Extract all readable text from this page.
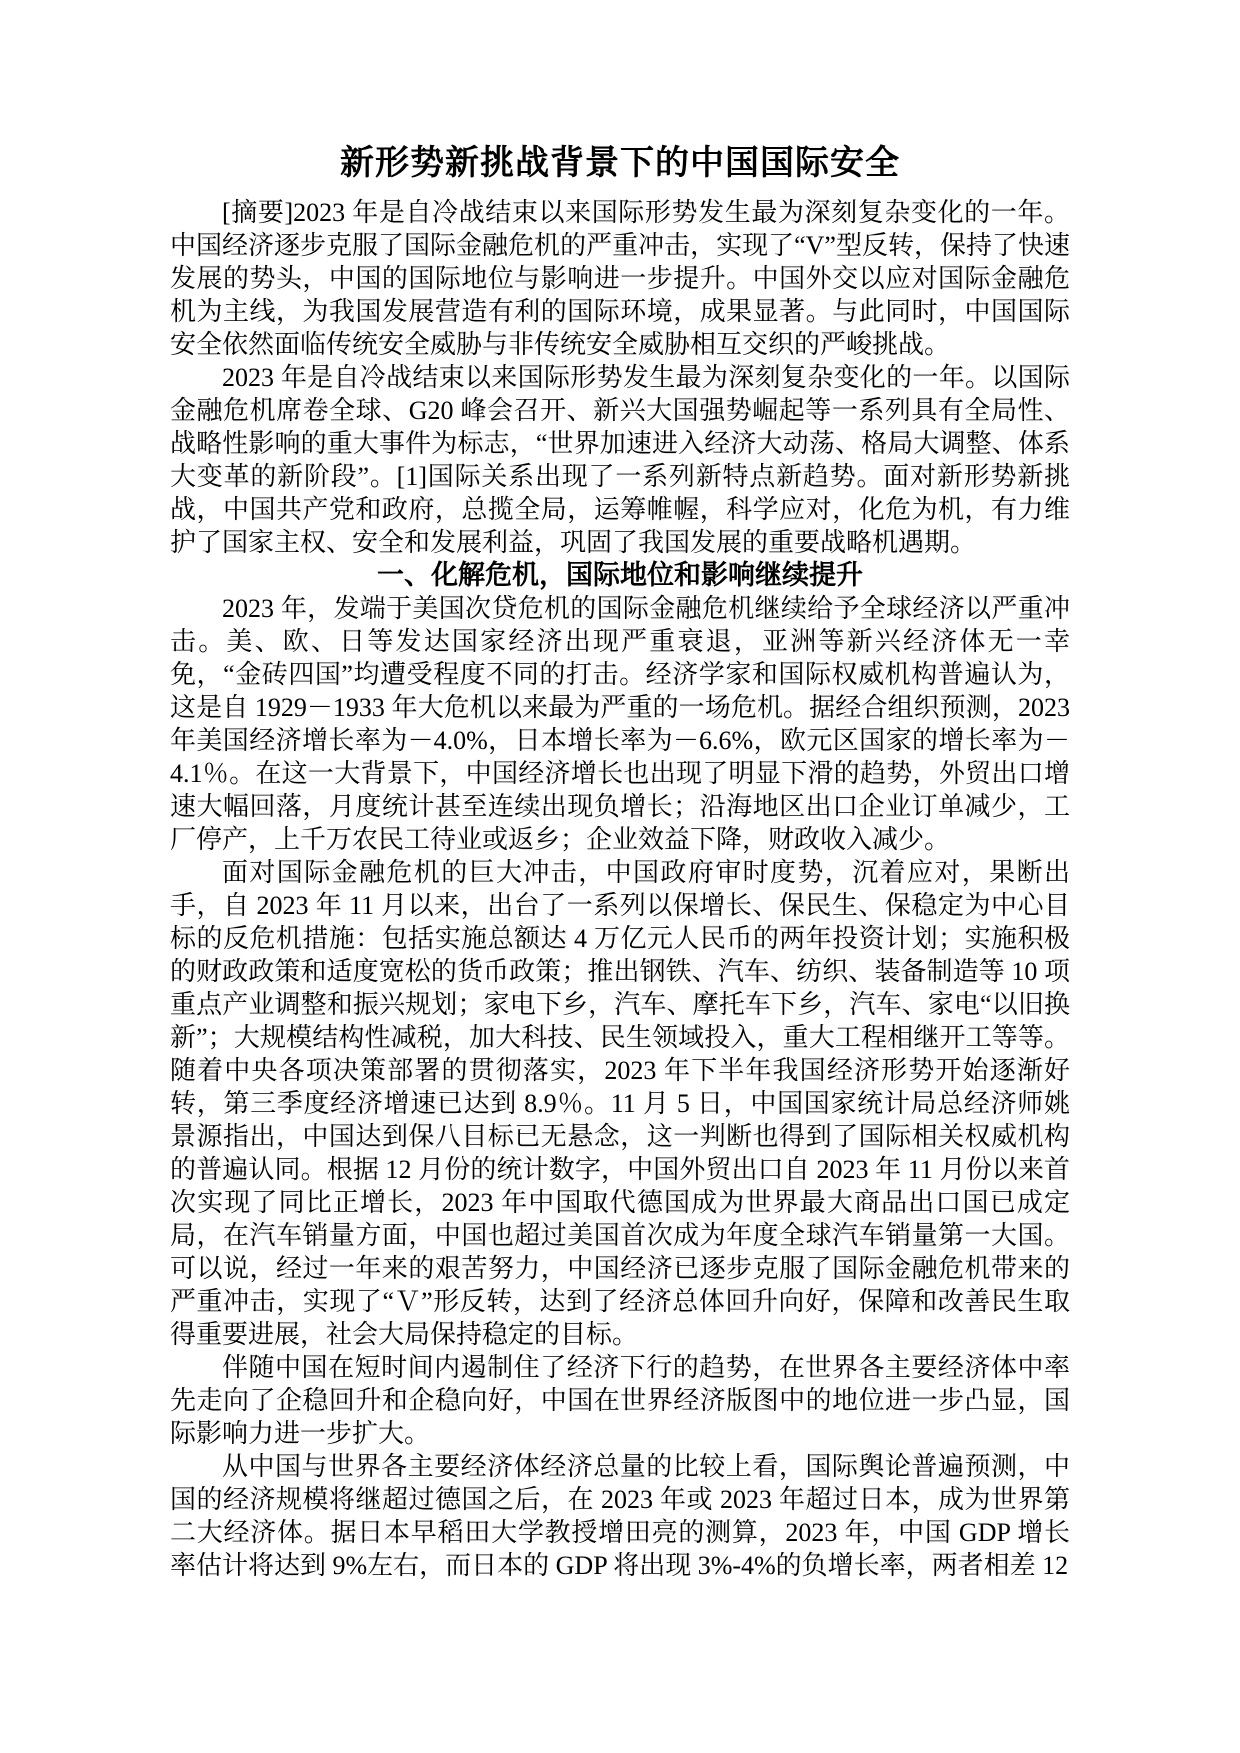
新形势新挑战背景下的中国国际安全

[摘要]2023 年是自冷战结束以来国际形势发生最为深刻复杂变化的一年。中国经济逐步克服了国际金融危机的严重冲击，实现了“V”型反转，保持了快速发展的势头，中国的国际地位与影响进一步提升。中国外交以应对国际金融危机为主线，为我国发展营造有利的国际环境，成果显著。与此同时，中国国际安全依然面临传统安全威胁与非传统安全威胁相互交织的严峻挑战。

2023 年是自冷战结束以来国际形势发生最为深刻复杂变化的一年。以国际金融危机席卷全球、G20 峰会召开、新兴大国强势崛起等一系列具有全局性、战略性影响的重大事件为标志，“世界加速进入经济大动荡、格局大调整、体系大变革的新阶段”。[1]国际关系出现了一系列新特点新趋势。面对新形势新挑战，中国共产党和政府，总揽全局，运筹帷幄，科学应对，化危为机，有力维护了国家主权、安全和发展利益，巩固了我国发展的重要战略机遇期。

一、化解危机，国际地位和影响继续提升

2023 年，发端于美国次贷危机的国际金融危机继续给予全球经济以严重冲击。美、欧、日等发达国家经济出现严重衰退，亚洲等新兴经济体无一幸免，“金砖四国”均遭受程度不同的打击。经济学家和国际权威机构普遍认为，这是自 1929－1933 年大危机以来最为严重的一场危机。据经合组织预测，2023 年美国经济增长率为－4.0%，日本增长率为－6.6%，欧元区国家的增长率为－4.1％。在这一大背景下，中国经济增长也出现了明显下滑的趋势，外贸出口增速大幅回落，月度统计甚至连续出现负增长；沿海地区出口企业订单减少，工厂停产，上千万农民工待业或返乡；企业效益下降，财政收入减少。

面对国际金融危机的巨大冲击，中国政府审时度势，沉着应对，果断出手，自 2023 年 11 月以来，出台了一系列以保增长、保民生、保稳定为中心目标的反危机措施：包括实施总额达 4 万亿元人民币的两年投资计划；实施积极的财政政策和适度宽松的货币政策；推出钢铁、汽车、纺织、装备制造等 10 项重点产业调整和振兴规划；家电下乡，汽车、摩托车下乡，汽车、家电“以旧换新”；大规模结构性减税，加大科技、民生领域投入，重大工程相继开工等等。随着中央各项决策部署的贯彻落实，2023 年下半年我国经济形势开始逐渐好转，第三季度经济增速已达到 8.9％。11 月 5 日，中国国家统计局总经济师姚景源指出，中国达到保八目标已无悬念，这一判断也得到了国际相关权威机构的普遍认同。根据 12 月份的统计数字，中国外贸出口自 2023 年 11 月份以来首次实现了同比正增长，2023 年中国取代德国成为世界最大商品出口国已成定局，在汽车销量方面，中国也超过美国首次成为年度全球汽车销量第一大国。可以说，经过一年来的艰苦努力，中国经济已逐步克服了国际金融危机带来的严重冲击，实现了“Ｖ”形反转，达到了经济总体回升向好，保障和改善民生取得重要进展，社会大局保持稳定的目标。

伴随中国在短时间内遏制住了经济下行的趋势，在世界各主要经济体中率先走向了企稳回升和企稳向好，中国在世界经济版图中的地位进一步凸显，国际影响力进一步扩大。

从中国与世界各主要经济体经济总量的比较上看，国际舆论普遍预测，中国的经济规模将继超过德国之后，在 2023 年或 2023 年超过日本，成为世界第二大经济体。据日本早稻田大学教授增田亮的测算，2023 年，中国 GDP 增长率估计将达到 9%左右，而日本的 GDP 将出现 3%-4%的负增长率，两者相差 12
